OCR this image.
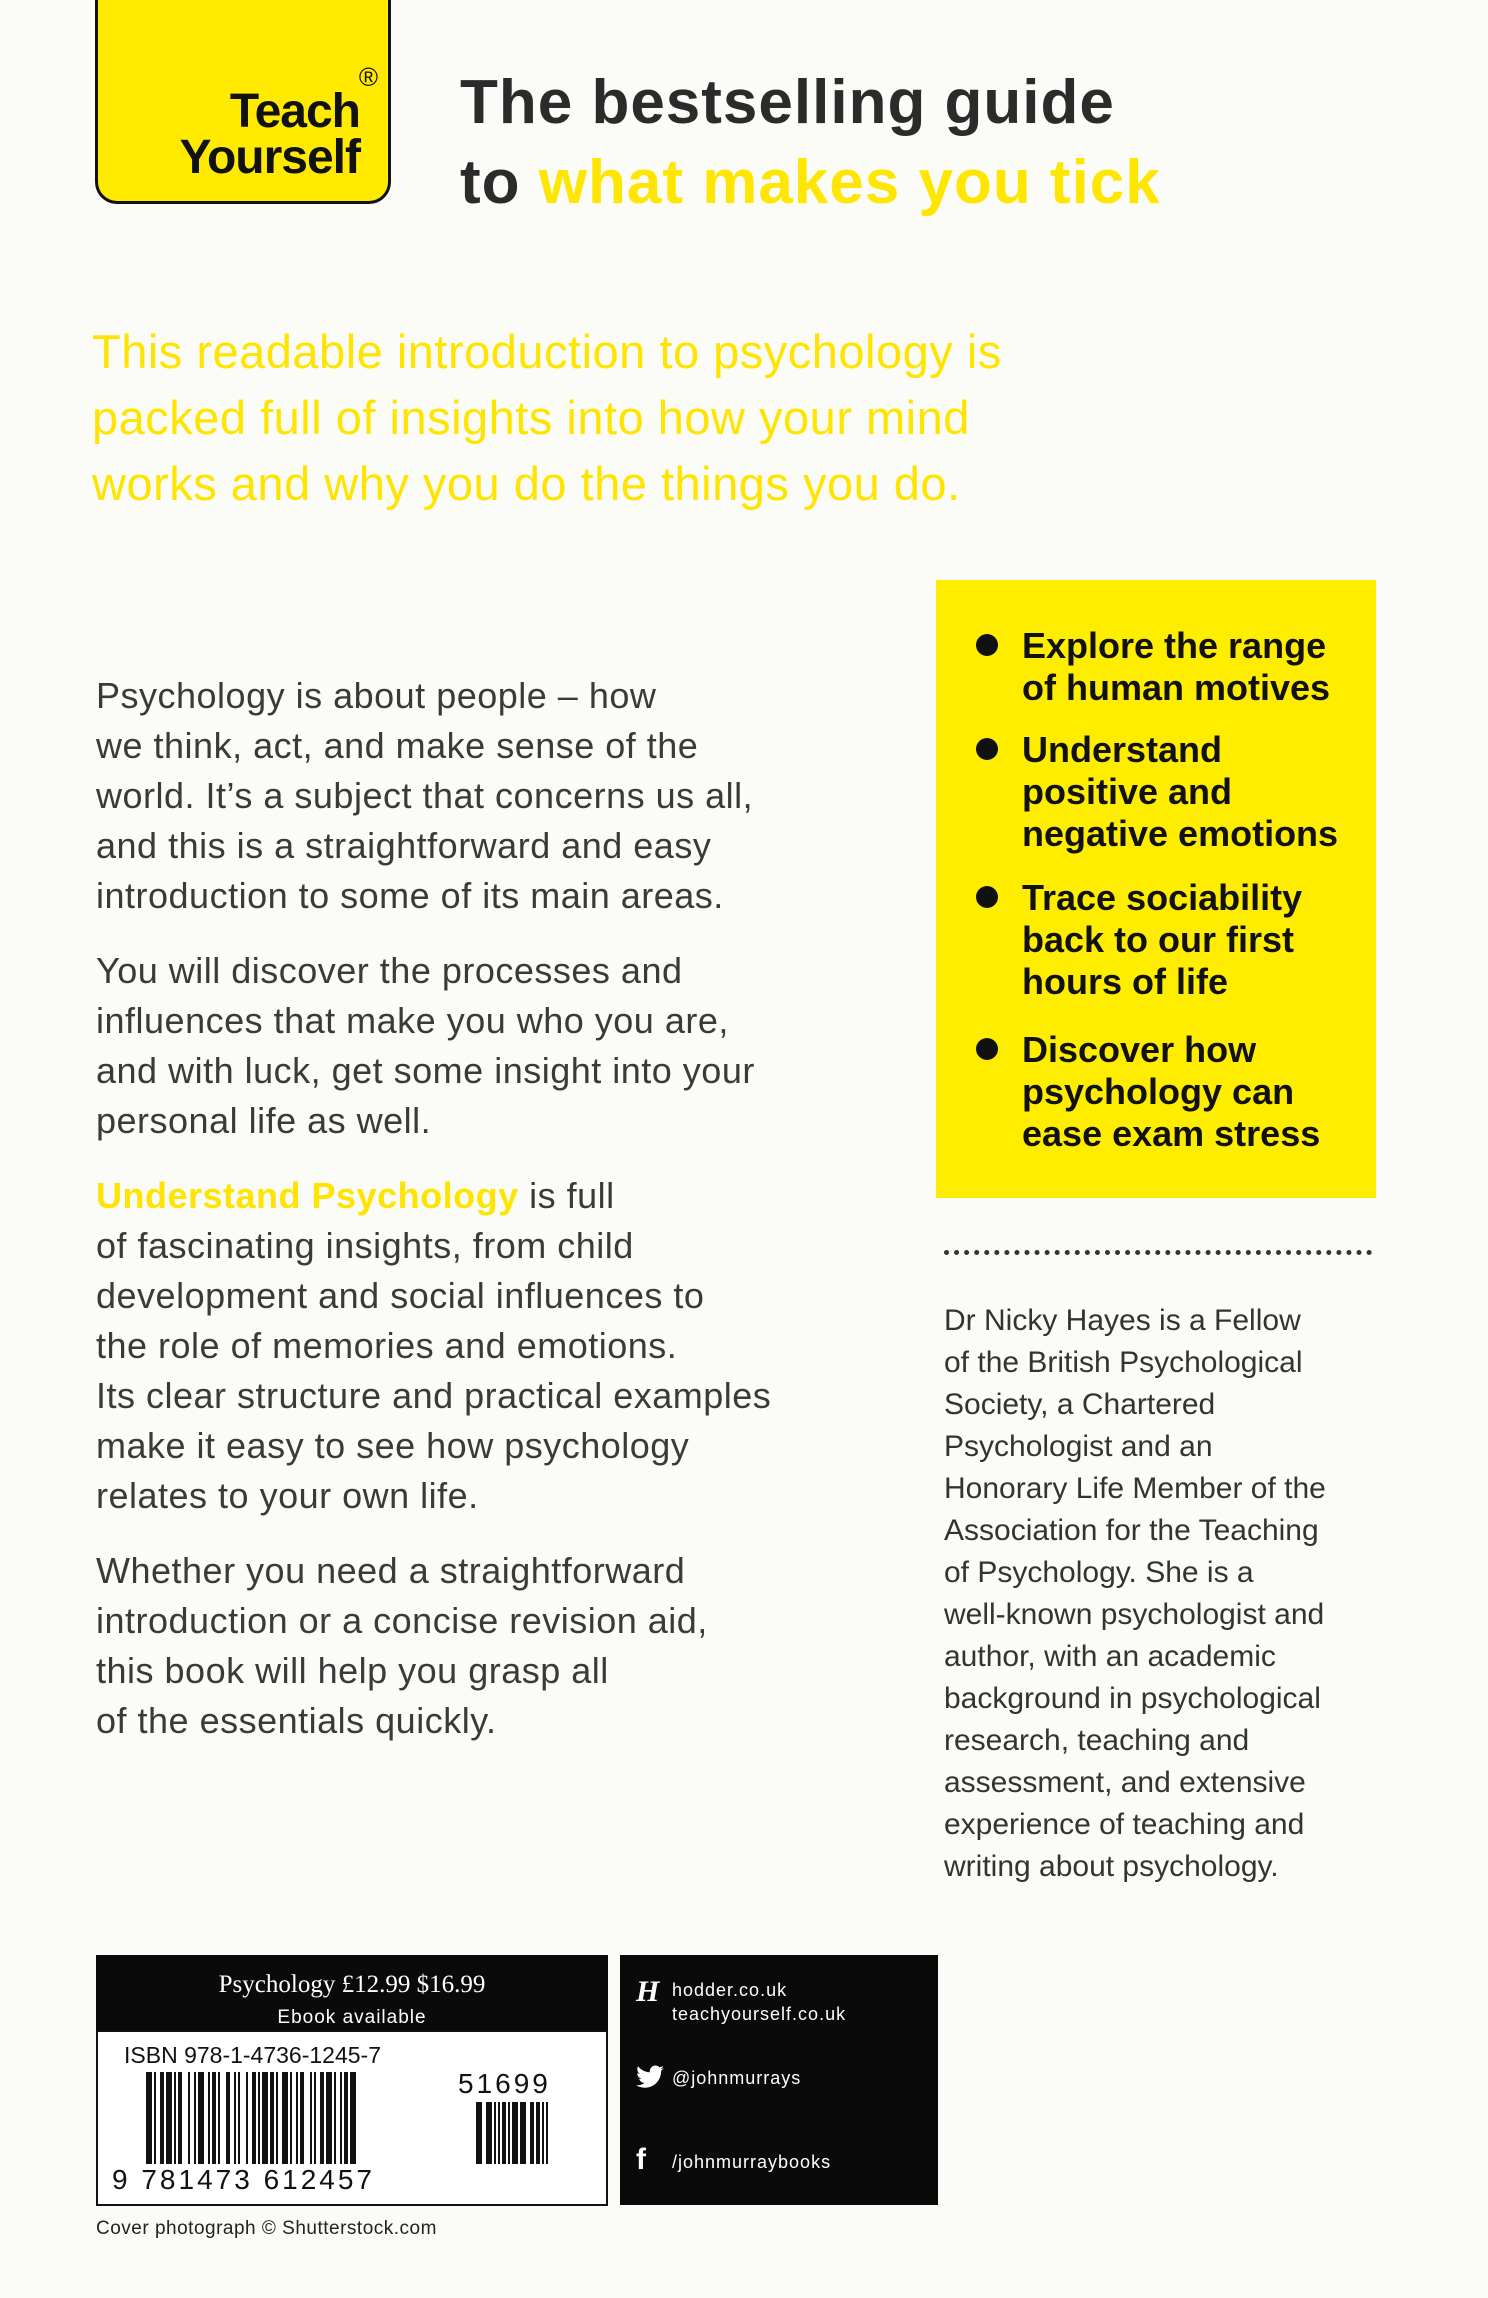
®
Teach
Yourself
The bestselling guide
to what makes you tick
This readable introduction to psychology is
packed full of insights into how your mind
works and why you do the things you do.
Psychology is about people – how
we think, act, and make sense of the
world. It’s a subject that concerns us all,
and this is a straightforward and easy
introduction to some of its main areas.
You will discover the processes and
influences that make you who you are,
and with luck, get some insight into your
personal life as well.
Understand Psychology is full
of fascinating insights, from child
development and social influences to
the role of memories and emotions.
Its clear structure and practical examples
make it easy to see how psychology
relates to your own life.
Whether you need a straightforward
introduction or a concise revision aid,
this book will help you grasp all
of the essentials quickly.
Explore the range
of human motives
Understand
positive and
negative emotions
Trace sociability
back to our first
hours of life
Discover how
psychology can
ease exam stress
Dr Nicky Hayes is a Fellow
of the British Psychological
Society, a Chartered
Psychologist and an
Honorary Life Member of the
Association for the Teaching
of Psychology. She is a
well-known psychologist and
author, with an academic
background in psychological
research, teaching and
assessment, and extensive
experience of teaching and
writing about psychology.
Psychology £12.99 $16.99
Ebook available
ISBN 978-1-4736-1245-7
51699
9 781473 612457
H hodder.co.uk
teachyourself.co.uk
@johnmurrays
f /johnmurraybooks
Cover photograph © Shutterstock.com
